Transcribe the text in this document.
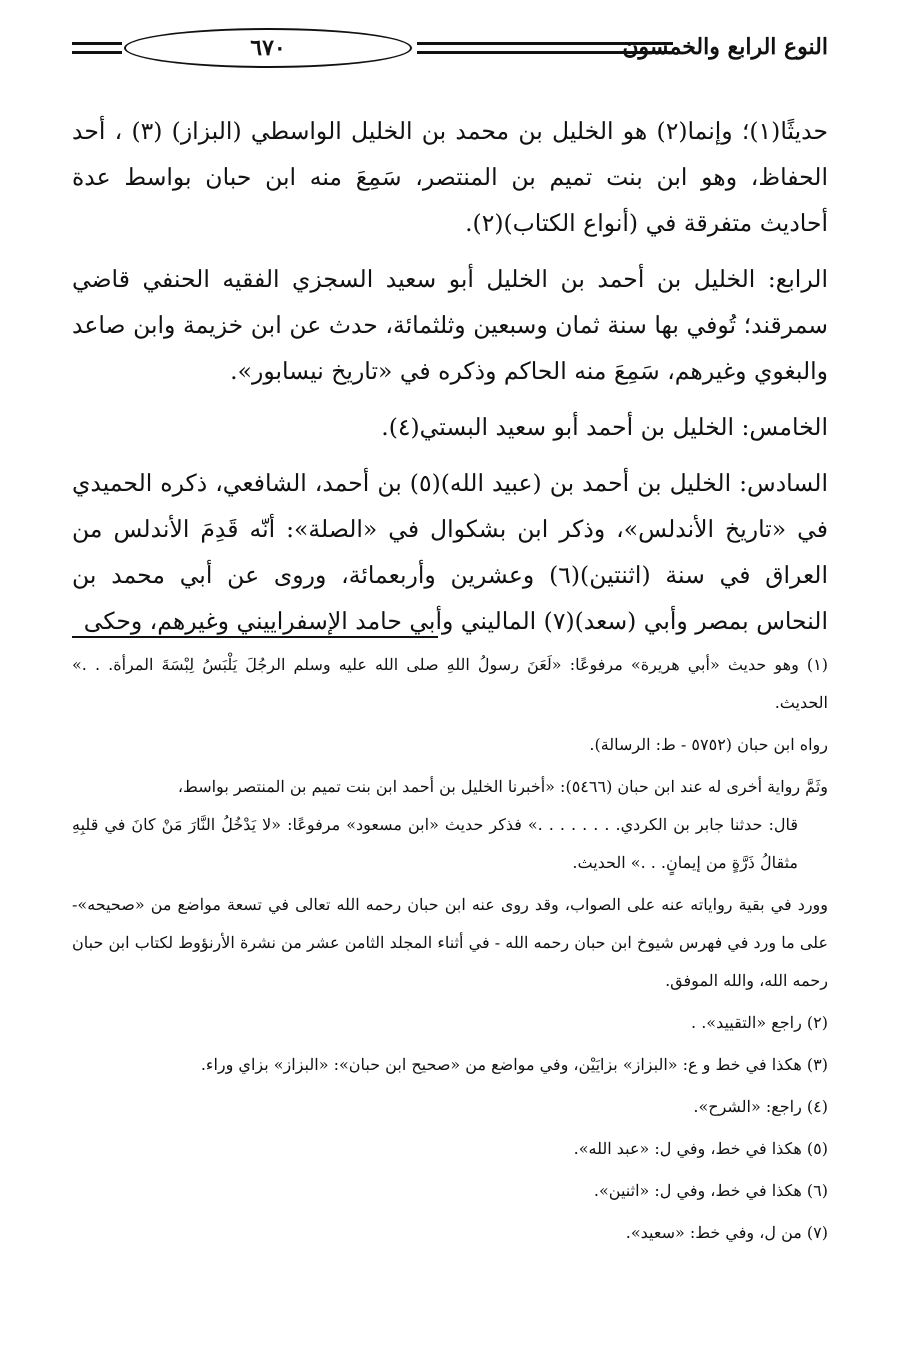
النوع الرابع والخمسون
٦٧٠

حديثًا(١)؛ وإنما(٢) هو الخليل بن محمد بن الخليل الواسطي (البزاز) (٣) ، أحد الحفاظ، وهو ابن بنت تميم بن المنتصر، سَمِعَ منه ابن حبان بواسط عدة أحاديث متفرقة في (أنواع الكتاب)(٢).

الرابع: الخليل بن أحمد بن الخليل أبو سعيد السجزي الفقيه الحنفي قاضي سمرقند؛ تُوفي بها سنة ثمان وسبعين وثلثمائة، حدث عن ابن خزيمة وابن صاعد والبغوي وغيرهم، سَمِعَ منه الحاكم وذكره في «تاريخ نيسابور».

الخامس: الخليل بن أحمد أبو سعيد البستي(٤).

السادس: الخليل بن أحمد بن (عبيد الله)(٥) بن أحمد، الشافعي، ذكره الحميدي في «تاريخ الأندلس»، وذكر ابن بشكوال في «الصلة»: أنّه قَدِمَ الأندلس من العراق في سنة (اثنتين)(٦) وعشرين وأربعمائة، وروى عن أبي محمد بن النحاس بمصر وأبي (سعد)(٧) الماليني وأبي حامد الإسفراييني وغيرهم، وحكى

(١) وهو حديث «أبي هريرة» مرفوعًا: «لَعَنَ رسولُ اللهِ صلى الله عليه وسلم الرجُلَ يَلْبَسُ لِبْسَةَ المرأة. . .» الحديث.

رواه ابن حبان (٥٧٥٢ - ط: الرسالة).

وثَمَّ رواية أخرى له عند ابن حبان (٥٤٦٦): «أخبرنا الخليل بن أحمد ابن بنت تميم بن المنتصر بواسط،

قال: حدثنا جابر بن الكردي. . . . . . . .» فذكر حديث «ابن مسعود» مرفوعًا: «لا يَدْخُلُ النَّارَ مَنْ كانَ في قلبِهِ مثقالُ ذَرَّةٍ من إيمانٍ. . .» الحديث.

وورد في بقية رواياته عنه على الصواب، وقد روى عنه ابن حبان رحمه الله تعالى في تسعة مواضع من «صحيحه»- على ما ورد في فهرس شيوخ ابن حبان رحمه الله - في أثناء المجلد الثامن عشر من نشرة الأرنؤوط لكتاب ابن حبان رحمه الله، والله الموفق.

(٢) راجع «التقييد». .

(٣) هكذا في خط و ع: «البزاز» بزايَيْن، وفي مواضع من «صحيح ابن حبان»: «البزاز» بزاي وراء.

(٤) راجع: «الشرح».

(٥) هكذا في خط، وفي ل: «عبد الله».

(٦) هكذا في خط، وفي ل: «اثنين».

(٧) من ل، وفي خط: «سعيد».
